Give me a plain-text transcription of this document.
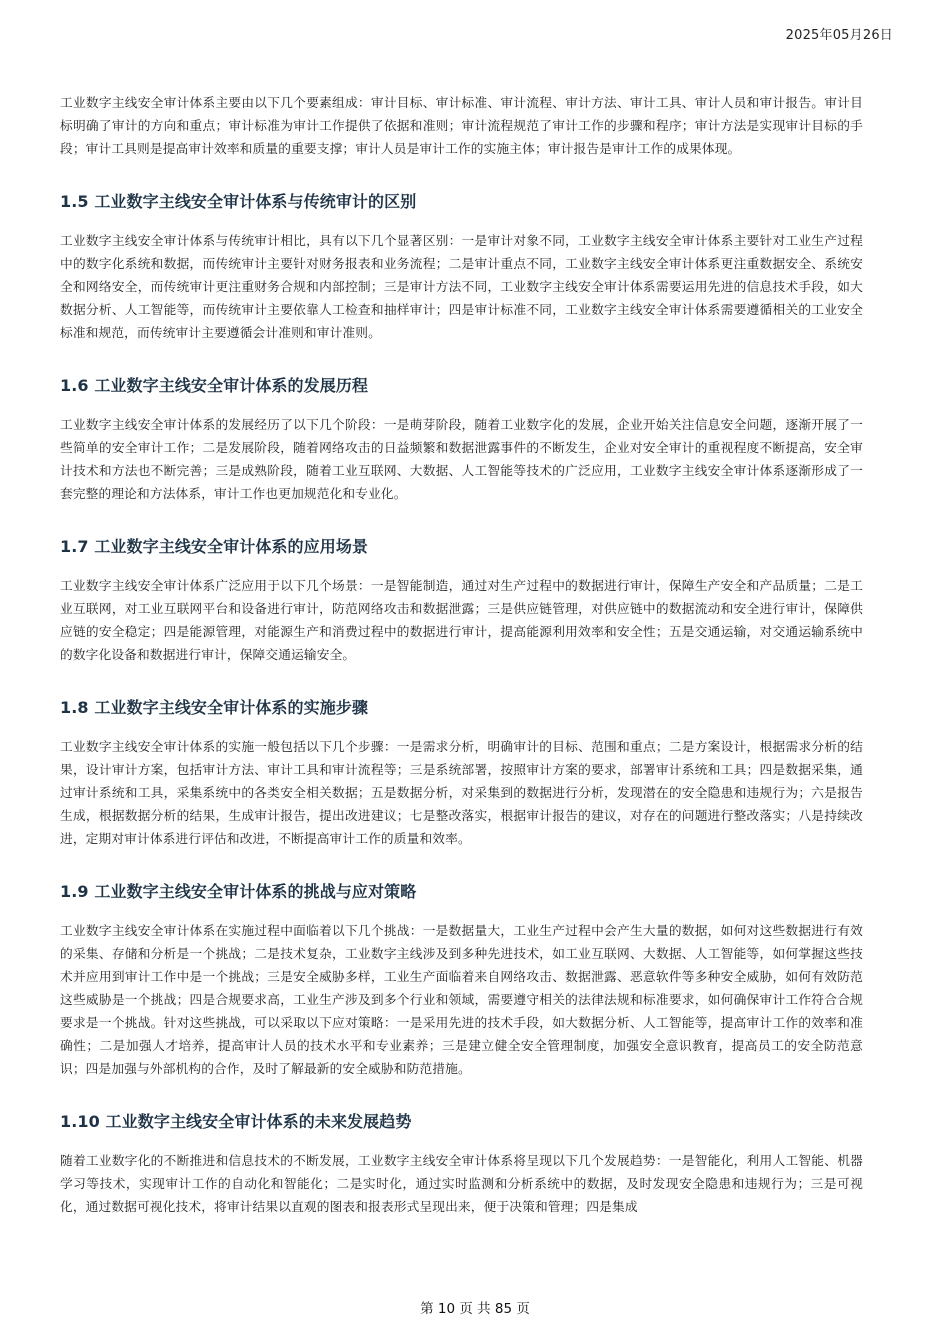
2025年05月26日

工业数字主线安全审计体系主要由以下几个要素组成：审计目标、审计标准、审计流程、审计方法、审计工具、审计人员和审计报告。审计目标明确了审计的方向和重点；审计标准为审计工作提供了依据和准则；审计流程规范了审计工作的步骤和程序；审计方法是实现审计目标的手段；审计工具则是提高审计效率和质量的重要支撑；审计人员是审计工作的实施主体；审计报告是审计工作的成果体现。

1.5 工业数字主线安全审计体系与传统审计的区别

工业数字主线安全审计体系与传统审计相比，具有以下几个显著区别：一是审计对象不同，工业数字主线安全审计体系主要针对工业生产过程中的数字化系统和数据，而传统审计主要针对财务报表和业务流程；二是审计重点不同，工业数字主线安全审计体系更注重数据安全、系统安全和网络安全，而传统审计更注重财务合规和内部控制；三是审计方法不同，工业数字主线安全审计体系需要运用先进的信息技术手段，如大数据分析、人工智能等，而传统审计主要依靠人工检查和抽样审计；四是审计标准不同，工业数字主线安全审计体系需要遵循相关的工业安全标准和规范，而传统审计主要遵循会计准则和审计准则。

1.6 工业数字主线安全审计体系的发展历程

工业数字主线安全审计体系的发展经历了以下几个阶段：一是萌芽阶段，随着工业数字化的发展，企业开始关注信息安全问题，逐渐开展了一些简单的安全审计工作；二是发展阶段，随着网络攻击的日益频繁和数据泄露事件的不断发生，企业对安全审计的重视程度不断提高，安全审计技术和方法也不断完善；三是成熟阶段，随着工业互联网、大数据、人工智能等技术的广泛应用，工业数字主线安全审计体系逐渐形成了一套完整的理论和方法体系，审计工作也更加规范化和专业化。

1.7 工业数字主线安全审计体系的应用场景

工业数字主线安全审计体系广泛应用于以下几个场景：一是智能制造，通过对生产过程中的数据进行审计，保障生产安全和产品质量；二是工业互联网，对工业互联网平台和设备进行审计，防范网络攻击和数据泄露；三是供应链管理，对供应链中的数据流动和安全进行审计，保障供应链的安全稳定；四是能源管理，对能源生产和消费过程中的数据进行审计，提高能源利用效率和安全性；五是交通运输，对交通运输系统中的数字化设备和数据进行审计，保障交通运输安全。

1.8 工业数字主线安全审计体系的实施步骤

工业数字主线安全审计体系的实施一般包括以下几个步骤：一是需求分析，明确审计的目标、范围和重点；二是方案设计，根据需求分析的结果，设计审计方案，包括审计方法、审计工具和审计流程等；三是系统部署，按照审计方案的要求，部署审计系统和工具；四是数据采集，通过审计系统和工具，采集系统中的各类安全相关数据；五是数据分析，对采集到的数据进行分析，发现潜在的安全隐患和违规行为；六是报告生成，根据数据分析的结果，生成审计报告，提出改进建议；七是整改落实，根据审计报告的建议，对存在的问题进行整改落实；八是持续改进，定期对审计体系进行评估和改进，不断提高审计工作的质量和效率。

1.9 工业数字主线安全审计体系的挑战与应对策略

工业数字主线安全审计体系在实施过程中面临着以下几个挑战：一是数据量大，工业生产过程中会产生大量的数据，如何对这些数据进行有效的采集、存储和分析是一个挑战；二是技术复杂，工业数字主线涉及到多种先进技术，如工业互联网、大数据、人工智能等，如何掌握这些技术并应用到审计工作中是一个挑战；三是安全威胁多样，工业生产面临着来自网络攻击、数据泄露、恶意软件等多种安全威胁，如何有效防范这些威胁是一个挑战；四是合规要求高，工业生产涉及到多个行业和领域，需要遵守相关的法律法规和标准要求，如何确保审计工作符合合规要求是一个挑战。针对这些挑战，可以采取以下应对策略：一是采用先进的技术手段，如大数据分析、人工智能等，提高审计工作的效率和准确性；二是加强人才培养，提高审计人员的技术水平和专业素养；三是建立健全安全管理制度，加强安全意识教育，提高员工的安全防范意识；四是加强与外部机构的合作，及时了解最新的安全威胁和防范措施。

1.10 工业数字主线安全审计体系的未来发展趋势

随着工业数字化的不断推进和信息技术的不断发展，工业数字主线安全审计体系将呈现以下几个发展趋势：一是智能化，利用人工智能、机器学习等技术，实现审计工作的自动化和智能化；二是实时化，通过实时监测和分析系统中的数据，及时发现安全隐患和违规行为；三是可视化，通过数据可视化技术，将审计结果以直观的图表和报表形式呈现出来，便于决策和管理；四是集成

第 10 页 共 85 页
